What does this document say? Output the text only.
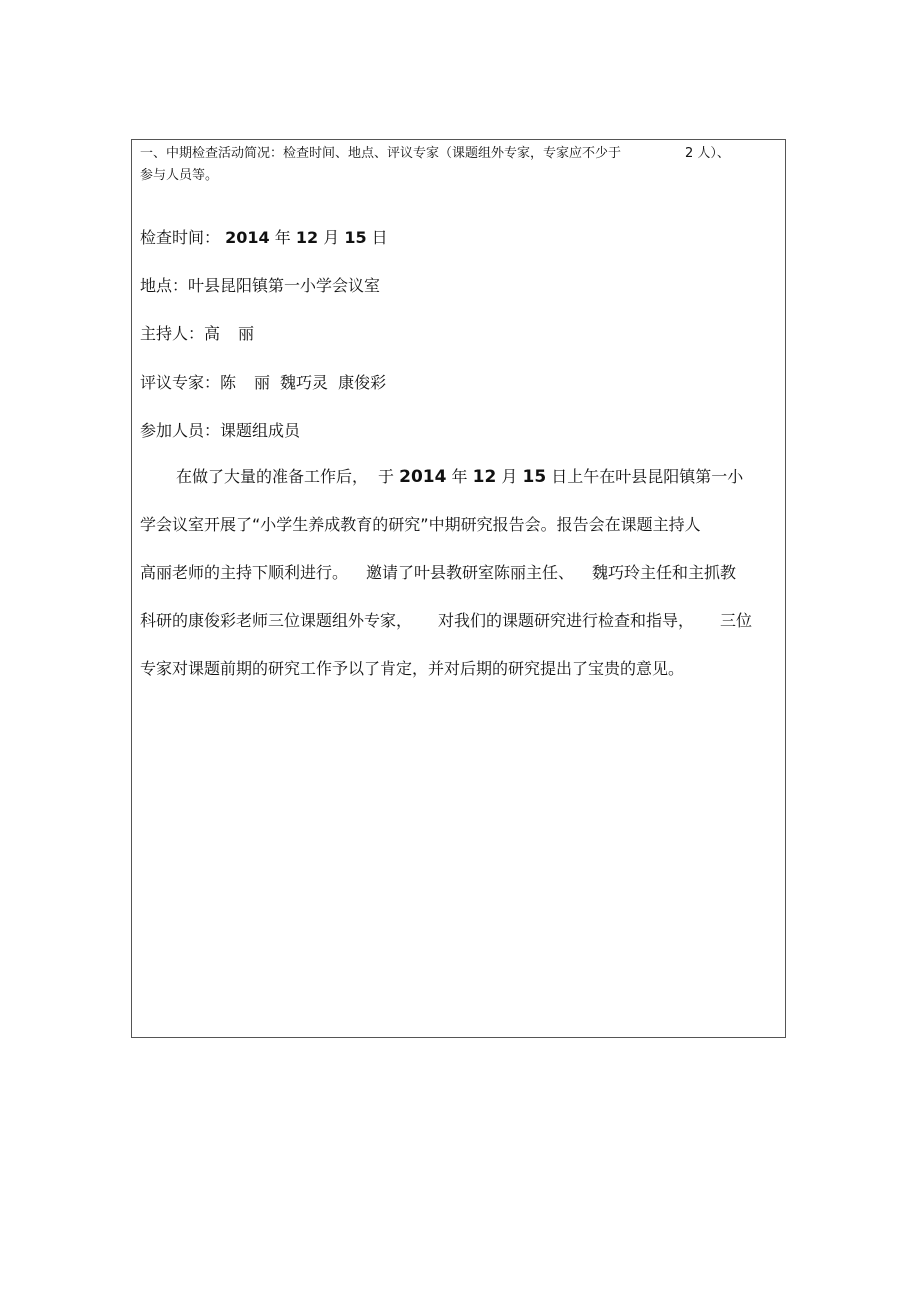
一、中期检查活动简况：检查时间、地点、评议专家（课题组外专家，专家应不少于	2 人）、
参与人员等。
检查时间： 2014 年 12 月 15 日
地点：叶县昆阳镇第一小学会议室
主持人：高 丽
评议专家：陈 丽 魏巧灵 康俊彩
参加人员：课题组成员
在做了大量的准备工作后， 于 2014 年 12 月 15 日上午在叶县昆阳镇第一小
学会议室开展了“小学生养成教育的研究”中期研究报告会。报告会在课题主持人
高丽老师的主持下顺利进行。 邀请了叶县教研室陈丽主任、 魏巧玲主任和主抓教
科研的康俊彩老师三位课题组外专家， 对我们的课题研究进行检查和指导， 三位
专家对课题前期的研究工作予以了肯定，并对后期的研究提出了宝贵的意见。
